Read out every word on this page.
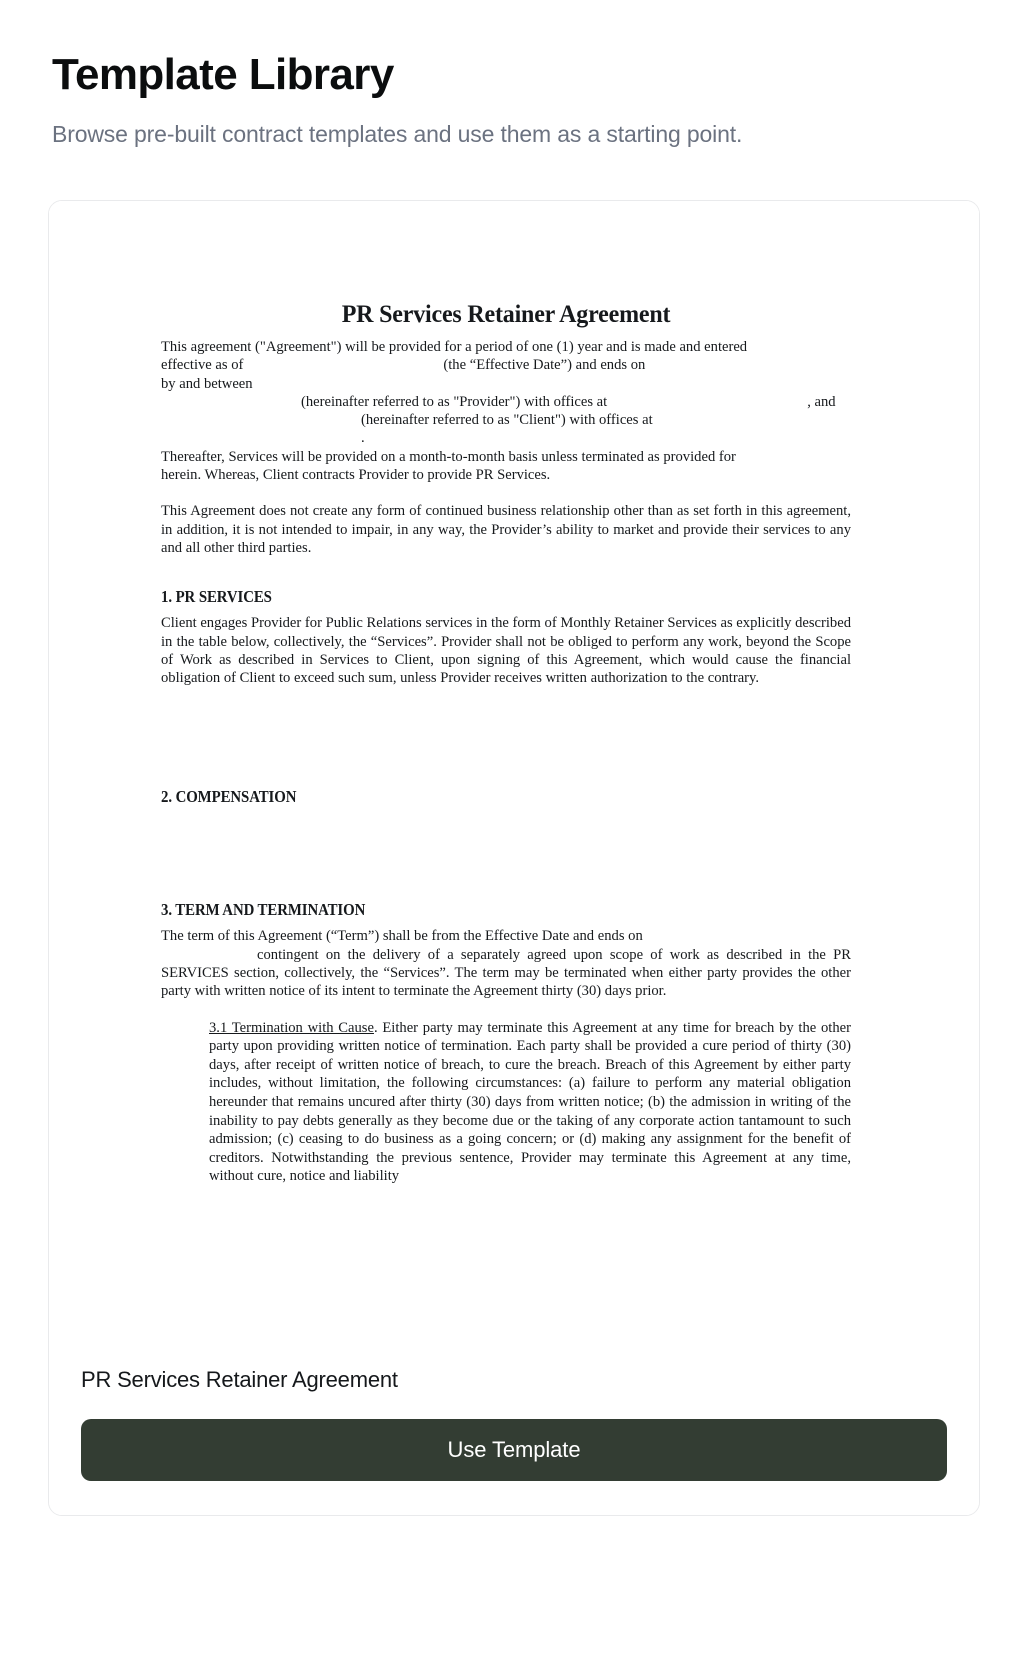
Template Library
Browse pre-built contract templates and use them as a starting point.
PR Services Retainer Agreement

This agreement ("Agreement") will be provided for a period of one (1) year and is made and entered
effective as of	(the “Effective Date”) and ends onby and between
(hereinafter referred to as "Provider") with offices at	, and
(hereinafter referred to as "Client") with offices at.
Thereafter, Services will be provided on a month-to-month basis unless terminated as provided for
herein. Whereas, Client contracts Provider to provide PR Services.

This Agreement does not create any form of continued business relationship other than as set forth in this agreement, in addition, it is not intended to impair, in any way, the Provider’s ability to market and provide their services to any and all other third parties.

1. PR SERVICES

Client engages Provider for Public Relations services in the form of Monthly Retainer Services as explicitly described in the table below, collectively, the “Services”. Provider shall not be obliged to perform any work, beyond the Scope of Work as described in Services to Client, upon signing of this Agreement, which would cause the financial obligation of Client to exceed such sum, unless Provider receives written authorization to the contrary.

2. COMPENSATION
3. TERM AND TERMINATION

The term of this Agreement (“Term”) shall be from the Effective Date and ends on
contingent on the delivery of a separately agreed upon scope of work as described in the PR SERVICES section, collectively, the “Services”. The term may be terminated when either party provides the other party with written notice of its intent to terminate the Agreement thirty (30) days prior.

3.1 Termination with Cause. Either party may terminate this Agreement at any time for breach by the other party upon providing written notice of termination. Each party shall be provided a cure period of thirty (30) days, after receipt of written notice of breach, to cure the breach. Breach of this Agreement by either party includes, without limitation, the following circumstances: (a) failure to perform any material obligation hereunder that remains uncured after thirty (30) days from written notice; (b) the admission in writing of the inability to pay debts generally as they become due or the taking of any corporate action tantamount to such admission; (c) ceasing to do business as a going concern; or (d) making any assignment for the benefit of creditors. Notwithstanding the previous sentence, Provider may terminate this Agreement at any time, without cure, notice and liability
PR Services Retainer Agreement
Use Template
